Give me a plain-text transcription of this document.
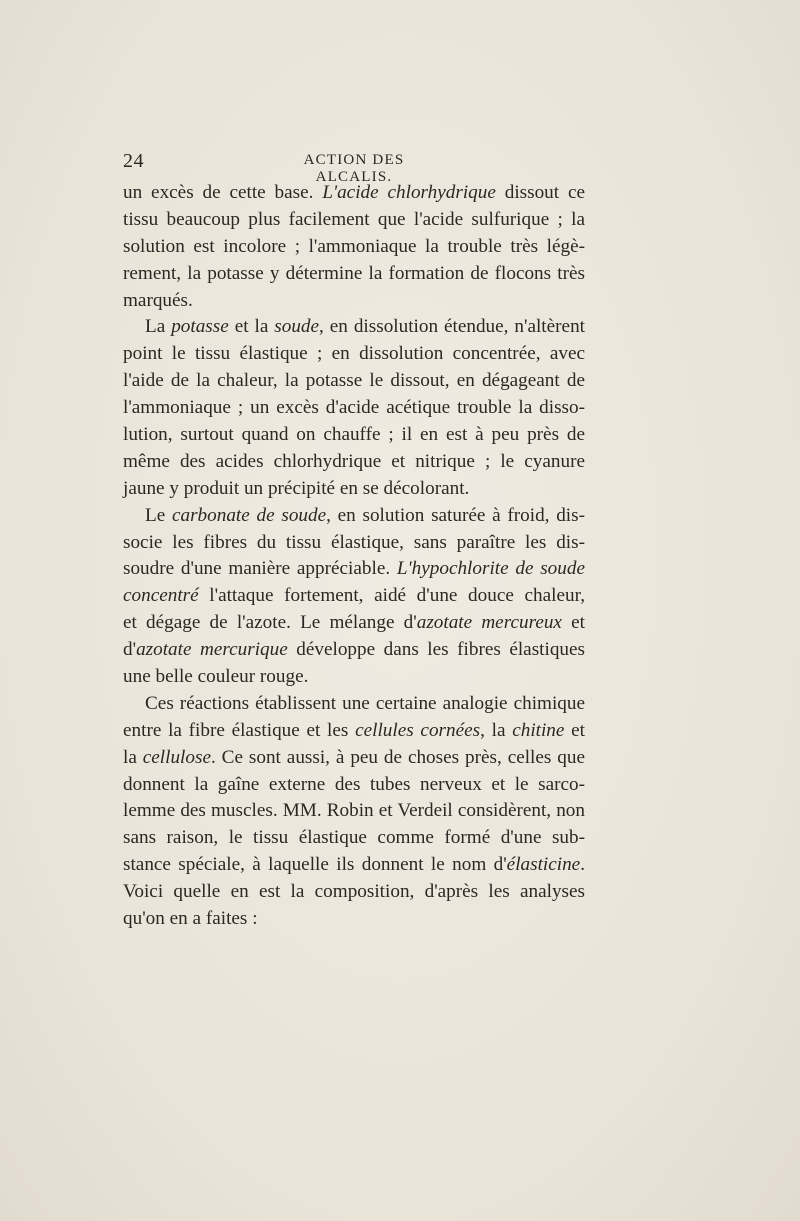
24	ACTION DES ALCALIS.
un excès de cette base. L'acide chlorhydrique dissout ce
tissu beaucoup plus facilement que l'acide sulfurique ; la
solution est incolore ; l'ammoniaque la trouble très légè-
rement, la potasse y détermine la formation de flocons très
marqués.
La potasse et la soude, en dissolution étendue, n'altèrent
point le tissu élastique ; en dissolution concentrée, avec
l'aide de la chaleur, la potasse le dissout, en dégageant de
l'ammoniaque ; un excès d'acide acétique trouble la disso-
lution, surtout quand on chauffe ; il en est à peu près de
même des acides chlorhydrique et nitrique ; le cyanure
jaune y produit un précipité en se décolorant.
Le carbonate de soude, en solution saturée à froid, dis-
socie les fibres du tissu élastique, sans paraître les dis-
soudre d'une manière appréciable. L'hypochlorite de soude
concentré l'attaque fortement, aidé d'une douce chaleur,
et dégage de l'azote. Le mélange d'azotate mercureux et
d'azotate mercurique développe dans les fibres élastiques
une belle couleur rouge.
Ces réactions établissent une certaine analogie chimique
entre la fibre élastique et les cellules cornées, la chitine et
la cellulose. Ce sont aussi, à peu de choses près, celles que
donnent la gaîne externe des tubes nerveux et le sarco-
lemme des muscles. MM. Robin et Verdeil considèrent, non
sans raison, le tissu élastique comme formé d'une sub-
stance spéciale, à laquelle ils donnent le nom d'élasticine.
Voici quelle en est la composition, d'après les analyses
qu'on en a faites :
